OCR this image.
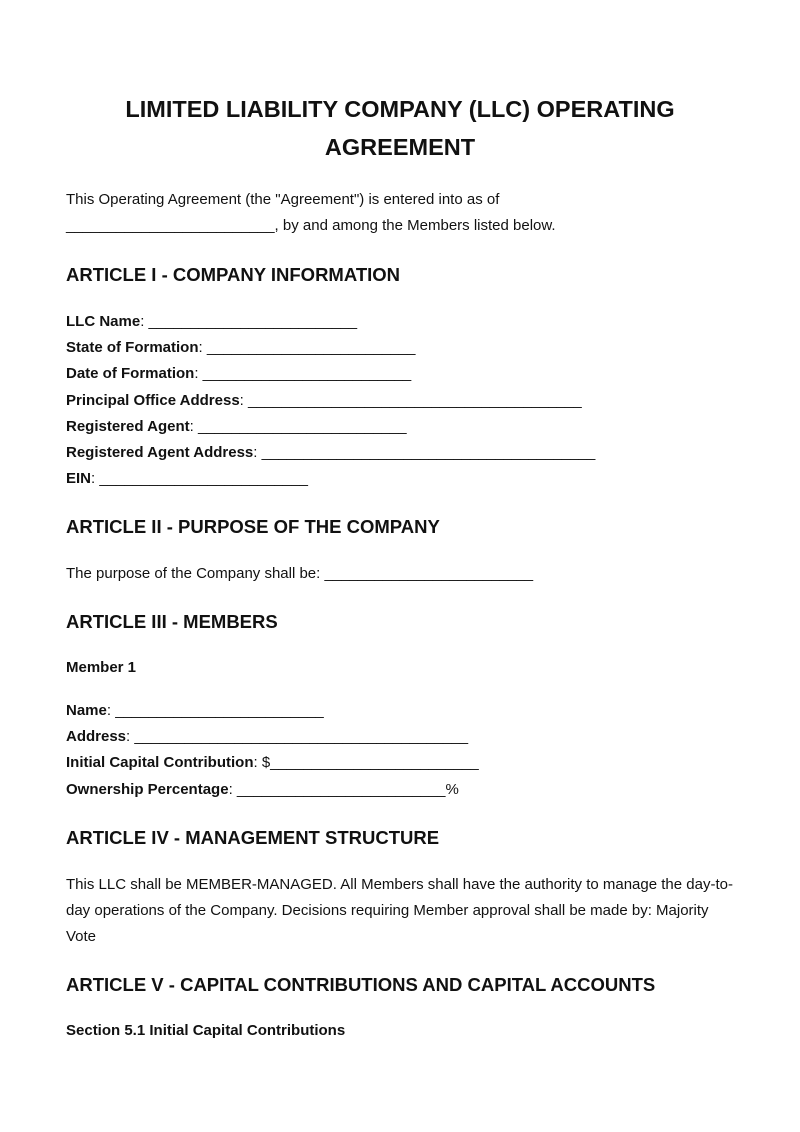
LIMITED LIABILITY COMPANY (LLC) OPERATING AGREEMENT
This Operating Agreement (the "Agreement") is entered into as of
_________________________, by and among the Members listed below.
ARTICLE I - COMPANY INFORMATION
LLC Name: _________________________
State of Formation: _________________________
Date of Formation: _________________________
Principal Office Address: ________________________________________
Registered Agent: _________________________
Registered Agent Address: ________________________________________
EIN: _________________________
ARTICLE II - PURPOSE OF THE COMPANY
The purpose of the Company shall be: _________________________
ARTICLE III - MEMBERS
Member 1
Name: _________________________
Address: ________________________________________
Initial Capital Contribution: $_________________________
Ownership Percentage: _________________________%
ARTICLE IV - MANAGEMENT STRUCTURE
This LLC shall be MEMBER-MANAGED. All Members shall have the authority to manage the day-to-day operations of the Company. Decisions requiring Member approval shall be made by: Majority Vote
ARTICLE V - CAPITAL CONTRIBUTIONS AND CAPITAL ACCOUNTS
Section 5.1 Initial Capital Contributions
